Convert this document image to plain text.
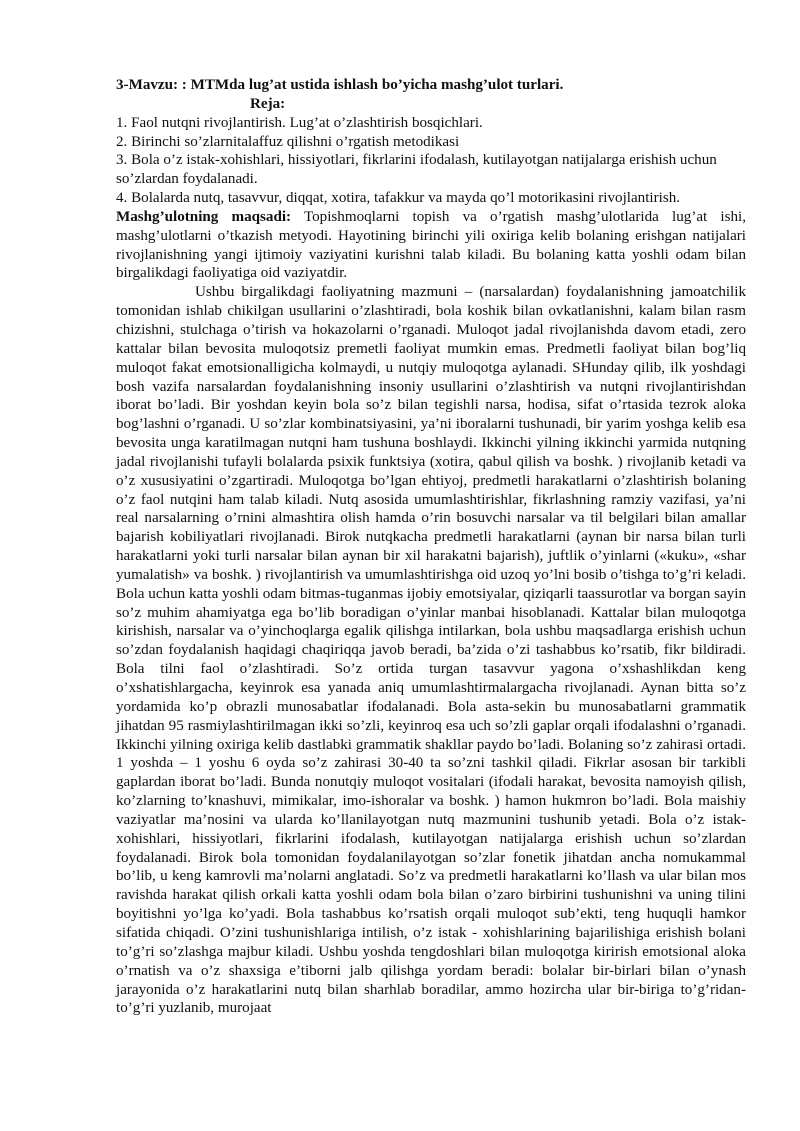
3-Mavzu: : MTMda lug’at ustida ishlash bo’yicha mashg’ulot turlari.

Reja:

1. Faol nutqni rivojlantirish. Lug’at o’zlashtirish bosqichlari.

2. Birinchi so’zlarnitalaffuz qilishni o’rgatish metodikasi

3. Bola o’z istak-xohishlari, hissiyotlari, fikrlarini ifodalash, kutilayotgan natijalarga erishish uchun so’zlardan foydalanadi.

4. Bolalarda nutq, tasavvur, diqqat, xotira, tafakkur va mayda qo’l motorikasini rivojlantirish.

Mashg’ulotning maqsadi: Topishmoqlarni topish va o’rgatish mashg’ulotlarida lug’at ishi, mashg’ulotlarni o’tkazish metyodi. Hayotining birinchi yili oxiriga kelib bolaning erishgan natijalari rivojlanishning yangi ijtimoiy vaziyatini kurishni talab kiladi. Bu bolaning katta yoshli odam bilan birgalikdagi faoliyatiga oid vaziyatdir.

Ushbu birgalikdagi faoliyatning mazmuni – (narsalardan) foydalanishning jamoatchilik tomonidan ishlab chikilgan usullarini o’zlashtiradi, bola koshik bilan ovkatlanishni, kalam bilan rasm chizishni, stulchaga o’tirish va hokazolarni o’rganadi. Muloqot jadal rivojlanishda davom etadi, zero kattalar bilan bevosita muloqotsiz premetli faoliyat mumkin emas. Predmetli faoliyat bilan bog’liq muloqot fakat emotsionalligicha kolmaydi, u nutqiy muloqotga aylanadi. SHunday qilib, ilk yoshdagi bosh vazifa narsalardan foydalanishning insoniy usullarini o’zlashtirish va nutqni rivojlantirishdan iborat bo’ladi. Bir yoshdan keyin bola so’z bilan tegishli narsa, hodisa, sifat o’rtasida tezrok aloka bog’lashni o’rganadi. U so’zlar kombinatsiyasini, ya’ni iboralarni tushunadi, bir yarim yoshga kelib esa bevosita unga karatilmagan nutqni ham tushuna boshlaydi. Ikkinchi yilning ikkinchi yarmida nutqning jadal rivojlanishi tufayli bolalarda psixik funktsiya (xotira, qabul qilish va boshk. ) rivojlanib ketadi va o’z xususiyatini o’zgartiradi. Muloqotga bo’lgan ehtiyoj, predmetli harakatlarni o’zlashtirish bolaning o’z faol nutqini ham talab kiladi. Nutq asosida umumlashtirishlar, fikrlashning ramziy vazifasi, ya’ni real narsalarning o’rnini almashtira olish hamda o’rin bosuvchi narsalar va til belgilari bilan amallar bajarish kobiliyatlari rivojlanadi. Birok nutqkacha predmetli harakatlarni (aynan bir narsa bilan turli harakatlarni yoki turli narsalar bilan aynan bir xil harakatni bajarish), juftlik o’yinlarni («kuku», «shar yumalatish» va boshk. ) rivojlantirish va umumlashtirishga oid uzoq yo’lni bosib o’tishga to’g’ri keladi. Bola uchun katta yoshli odam bitmas-tuganmas ijobiy emotsiyalar, qiziqarli taassurotlar va borgan sayin so’z muhim ahamiyatga ega bo’lib boradigan o’yinlar manbai hisoblanadi. Kattalar bilan muloqotga kirishish, narsalar va o’yinchoqlarga egalik qilishga intilarkan, bola ushbu maqsadlarga erishish uchun so’zdan foydalanish haqidagi chaqiriqqa javob beradi, ba’zida o’zi tashabbus ko’rsatib, fikr bildiradi. Bola tilni faol o’zlashtiradi. So’z ortida turgan tasavvur yagona o’xshashlikdan keng o’xshatishlargacha, keyinrok esa yanada aniq umumlashtirmalargacha rivojlanadi. Aynan bitta so’z yordamida ko’p obrazli munosabatlar ifodalanadi. Bola asta-sekin bu munosabatlarni grammatik jihatdan 95 rasmiylashtirilmagan ikki so’zli, keyinroq esa uch so’zli gaplar orqali ifodalashni o’rganadi. Ikkinchi yilning oxiriga kelib dastlabki grammatik shakllar paydo bo’ladi. Bolaning so’z zahirasi ortadi. 1 yoshda – 1 yoshu 6 oyda so’z zahirasi 30-40 ta so’zni tashkil qiladi. Fikrlar asosan bir tarkibli gaplardan iborat bo’ladi. Bunda nonutqiy muloqot vositalari (ifodali harakat, bevosita namoyish qilish, ko’zlarning to’knashuvi, mimikalar, imo-ishoralar va boshk. ) hamon hukmron bo’ladi. Bola maishiy vaziyatlar ma’nosini va ularda ko’llanilayotgan nutq mazmunini tushunib yetadi. Bola o’z istak-xohishlari, hissiyotlari, fikrlarini ifodalash, kutilayotgan natijalarga erishish uchun so’zlardan foydalanadi. Birok bola tomonidan foydalanilayotgan so’zlar fonetik jihatdan ancha nomukammal bo’lib, u keng kamrovli ma’nolarni anglatadi. So’z va predmetli harakatlarni ko’llash va ular bilan mos ravishda harakat qilish orkali katta yoshli odam bola bilan o’zaro birbirini tushunishni va uning tilini boyitishni yo’lga ko’yadi. Bola tashabbus ko’rsatish orqali muloqot sub’ekti, teng huquqli hamkor sifatida chiqadi. O’zini tushunishlariga intilish, o’z istak - xohishlarining bajarilishiga erishish bolani to’g’ri so’zlashga majbur kiladi. Ushbu yoshda tengdoshlari bilan muloqotga kirirish emotsional aloka o’rnatish va o’z shaxsiga e’tiborni jalb qilishga yordam beradi: bolalar bir-birlari bilan o’ynash jarayonida o’z harakatlarini nutq bilan sharhlab boradilar, ammo hozircha ular bir-biriga to’g’ridan-to’g’ri yuzlanib, murojaat
